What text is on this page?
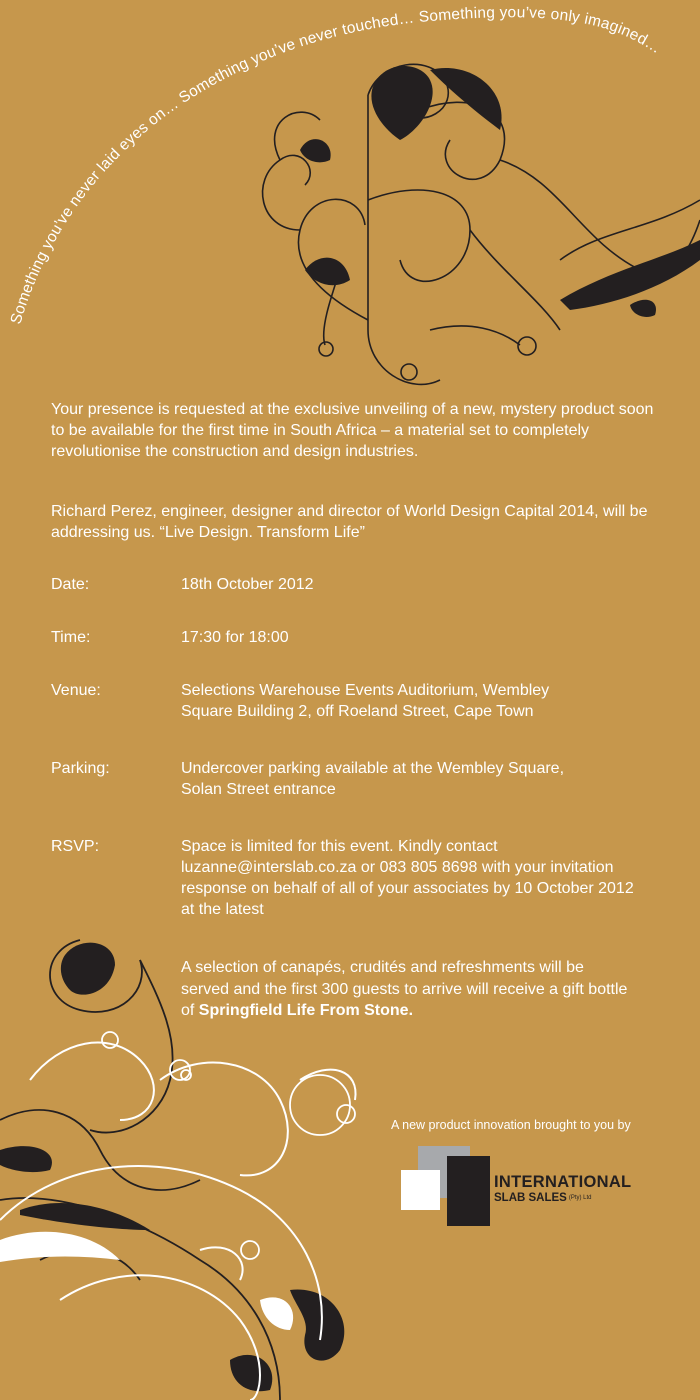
Something you’ve never laid eyes on… Something you’ve never touched… Something you’ve only imagined…

Your presence is requested at the exclusive unveiling of a new, mystery product soon to be available for the first time in South Africa – a material set to completely revolutionise the construction and design industries.

Richard Perez, engineer, designer and director of World Design Capital 2014, will be addressing us. “Live Design. Transform Life”

Date:	18th October 2012
Time:	17:30 for 18:00
Venue:	Selections Warehouse Events Auditorium, Wembley Square Building 2, off Roeland Street, Cape Town
Parking:	Undercover parking available at the Wembley Square, Solan Street entrance
RSVP:	Space is limited for this event. Kindly contact luzanne@interslab.co.za or 083 805 8698 with your invitation response on behalf of all of your associates by 10 October 2012 at the latest
A selection of canapés, crudités and refreshments will be served and the first 300 guests to arrive will receive a gift bottle of Springfield Life From Stone.
A new product innovation brought to you by
INTERNATIONAL
SLAB SALES (Pty) Ltd
